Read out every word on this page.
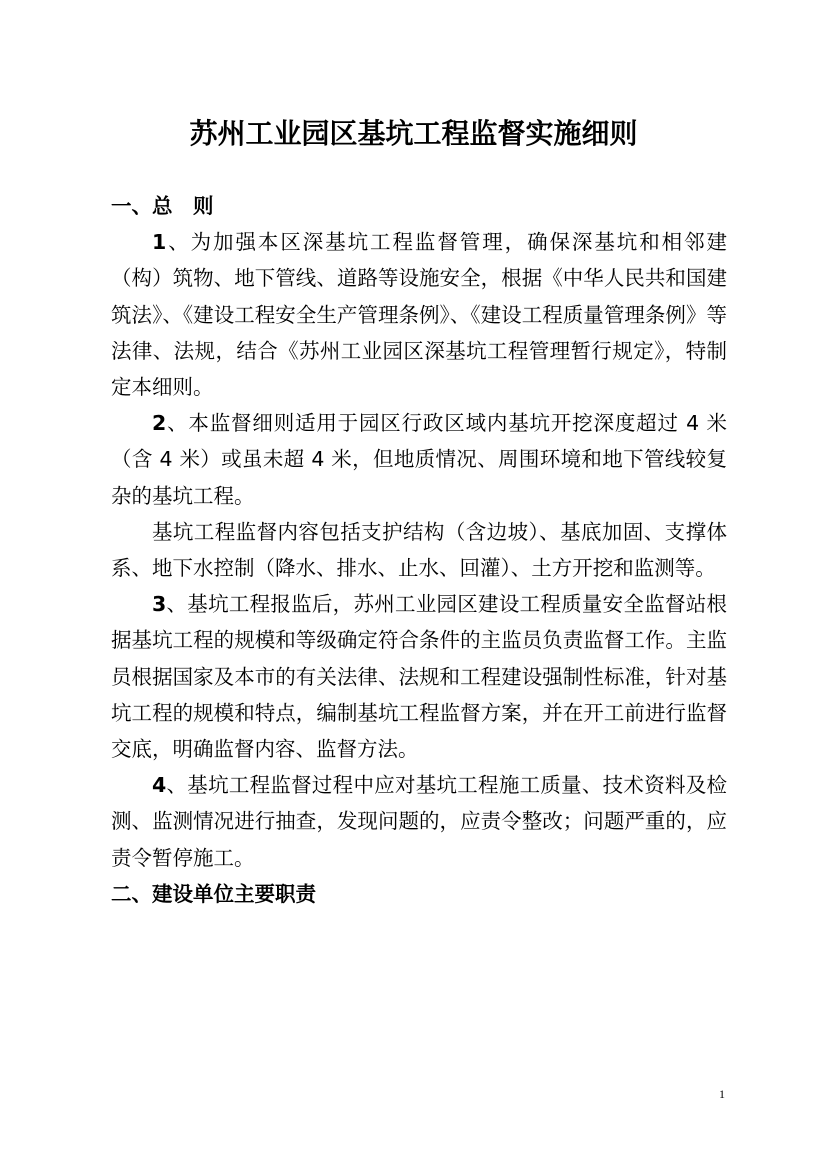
苏州工业园区基坑工程监督实施细则

一、总　则

1、为加强本区深基坑工程监督管理，确保深基坑和相邻建（构）筑物、地下管线、道路等设施安全，根据《中华人民共和国建筑法》、《建设工程安全生产管理条例》、《建设工程质量管理条例》等法律、法规，结合《苏州工业园区深基坑工程管理暂行规定》，特制定本细则。

2、本监督细则适用于园区行政区域内基坑开挖深度超过 4 米（含 4 米）或虽未超 4 米，但地质情况、周围环境和地下管线较复杂的基坑工程。

基坑工程监督内容包括支护结构（含边坡）、基底加固、支撑体系、地下水控制（降水、排水、止水、回灌）、土方开挖和监测等。

3、基坑工程报监后，苏州工业园区建设工程质量安全监督站根据基坑工程的规模和等级确定符合条件的主监员负责监督工作。主监员根据国家及本市的有关法律、法规和工程建设强制性标准，针对基坑工程的规模和特点，编制基坑工程监督方案，并在开工前进行监督交底，明确监督内容、监督方法。

4、基坑工程监督过程中应对基坑工程施工质量、技术资料及检测、监测情况进行抽查，发现问题的，应责令整改；问题严重的，应责令暂停施工。

二、建设单位主要职责

1
